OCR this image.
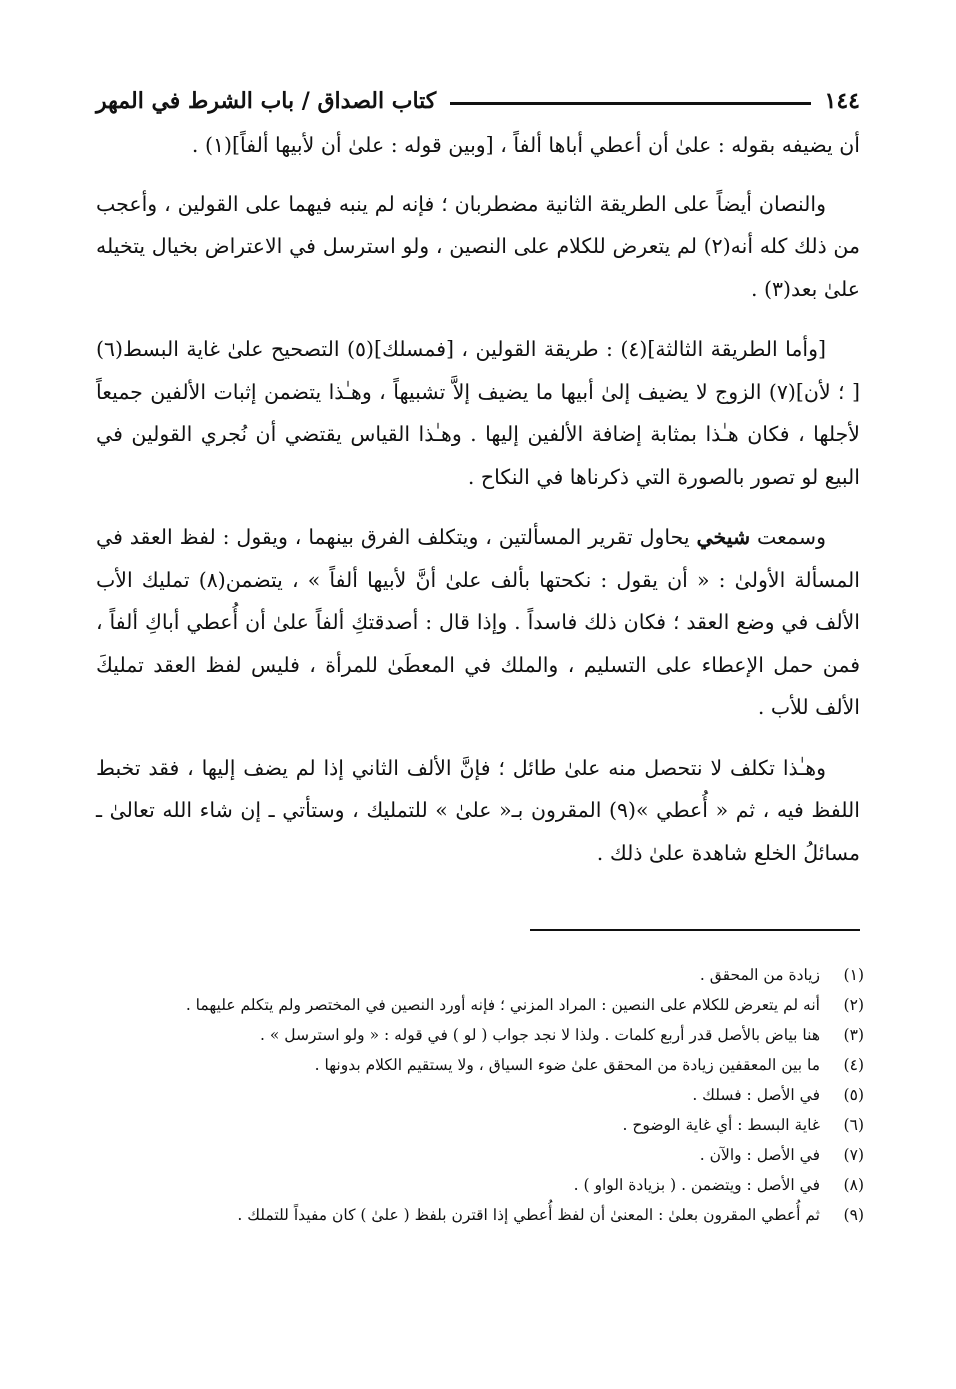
١٤٤
كتاب الصداق / باب الشرط في المهر

أن يضيفه بقوله : علىٰ أن أعطي أباها ألفاً ، [وبين قوله : علىٰ أن لأبيها ألفاً](١) .

والنصان أيضاً على الطريقة الثانية مضطربان ؛ فإنه لم ينبه فيهما على القولين ، وأعجب من ذلك كله أنه(٢) لم يتعرض للكلام على النصين ، ولو استرسل في الاعتراض بخيال يتخيله علىٰ بعد(٣) .

[وأما الطريقة الثالثة](٤) : طريقة القولين ، [فمسلك](٥) التصحيح علىٰ غاية البسط(٦) [ ؛ لأن](٧) الزوج لا يضيف إلىٰ أبيها ما يضيف إلاَّ تشبيهاً ، وهـٰذا يتضمن إثبات الألفين جميعاً لأجلها ، فكان هـٰذا بمثابة إضافة الألفين إليها . وهـٰذا القياس يقتضي أن نُجري القولين في البيع لو تصور بالصورة التي ذكرناها في النكاح .

وسمعت شيخي يحاول تقرير المسألتين ، ويتكلف الفرق بينهما ، ويقول : لفظ العقد في المسألة الأولىٰ : « أن يقول : نكحتها بألف علىٰ أنَّ لأبيها ألفاً » ، يتضمن(٨) تمليك الأب الألف في وضع العقد ؛ فكان ذلك فاسداً . وإذا قال : أصدقتكِ ألفاً علىٰ أن أُعطي أباكِ ألفاً ، فمن حمل الإعطاء على التسليم ، والملك في المعطَىٰ للمرأة ، فليس لفظ العقد تمليكَ الألف للأب .

وهـٰذا تكلف لا نتحصل منه علىٰ طائل ؛ فإنَّ الألف الثاني إذا لم يضف إليها ، فقد تخبط اللفظ فيه ، ثم « أُعطي »(٩) المقرون بـ« علىٰ » للتمليك ، وستأتي ـ إن شاء الله تعالىٰ ـ مسائلُ الخلع شاهدة علىٰ ذلك .

(١)
زيادة من المحقق .
(٢)
أنه لم يتعرض للكلام على النصين : المراد المزني ؛ فإنه أورد النصين في المختصر ولم يتكلم عليهما .
(٣)
هنا بياض بالأصل قدر أربع كلمات . ولذا لا نجد جواب ( لو ) في قوله : « ولو استرسل » .
(٤)
ما بين المعقفين زيادة من المحقق علىٰ ضوء السياق ، ولا يستقيم الكلام بدونها .
(٥)
في الأصل : فسلك .
(٦)
غاية البسط : أي غاية الوضوح .
(٧)
في الأصل : والآن .
(٨)
في الأصل : ويتضمن . ( بزيادة الواو ) .
(٩)
ثم أُعطي المقرون بعلىٰ : المعنىٰ أن لفظ أُعطي إذا اقترن بلفظ ( علىٰ ) كان مفيداً للتملك .
